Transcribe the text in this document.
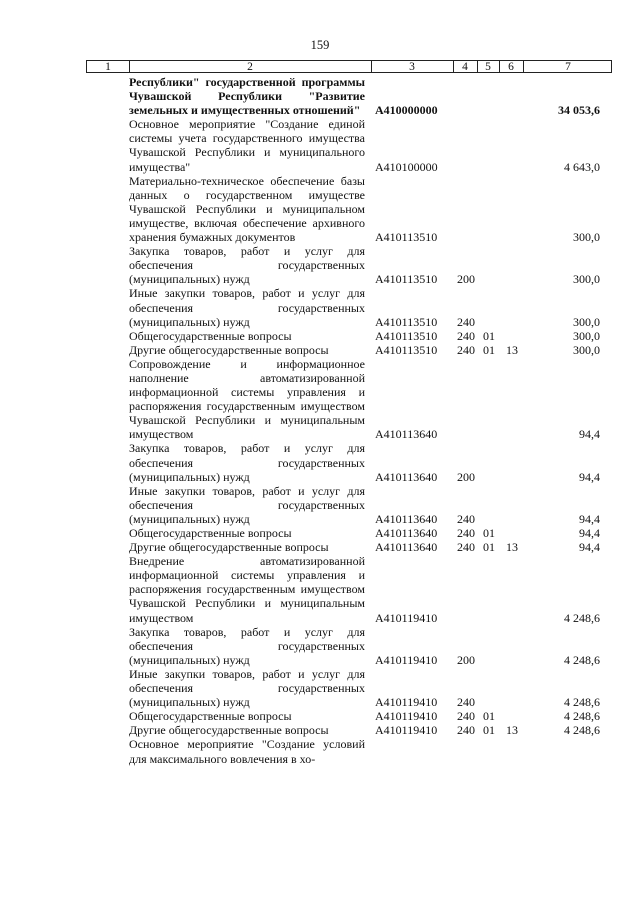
159
1	2	3	4	5	6	7
Республики" государственной программы Чувашской Республики "Развитие земельных и имущественных отношений"	A410000000	34 053,6
Основное мероприятие "Создание единой системы учета государственного имущества Чувашской Республики и муниципального имущества"	A410100000	4 643,0
Материально-техническое обеспечение базы данных о государственном имуществе Чувашской Республики и муниципальном имуществе, включая обеспечение архивного хранения бумажных документов	A410113510	300,0
Закупка товаров, работ и услуг для обеспечения государственных (муниципальных) нужд	A410113510 200	300,0
Иные закупки товаров, работ и услуг для обеспечения государственных (муниципальных) нужд	A410113510 240	300,0
Общегосударственные вопросы	A410113510 240 01	300,0
Другие общегосударственные вопросы	A410113510 240 01 13	300,0
Сопровождение и информационное наполнение автоматизированной информационной системы управления и распоряжения государственным имуществом Чувашской Республики и муниципальным имуществом	A410113640	94,4
Закупка товаров, работ и услуг для обеспечения государственных (муниципальных) нужд	A410113640 200	94,4
Иные закупки товаров, работ и услуг для обеспечения государственных (муниципальных) нужд	A410113640 240	94,4
Общегосударственные вопросы	A410113640 240 01	94,4
Другие общегосударственные вопросы	A410113640 240 01 13	94,4
Внедрение автоматизированной информационной системы управления и распоряжения государственным имуществом Чувашской Республики и муниципальным имуществом	A410119410	4 248,6
Закупка товаров, работ и услуг для обеспечения государственных (муниципальных) нужд	A410119410 200	4 248,6
Иные закупки товаров, работ и услуг для обеспечения государственных (муниципальных) нужд	A410119410 240	4 248,6
Общегосударственные вопросы	A410119410 240 01	4 248,6
Другие общегосударственные вопросы	A410119410 240 01 13	4 248,6
Основное мероприятие "Создание условий для максимального вовлечения в хо-
